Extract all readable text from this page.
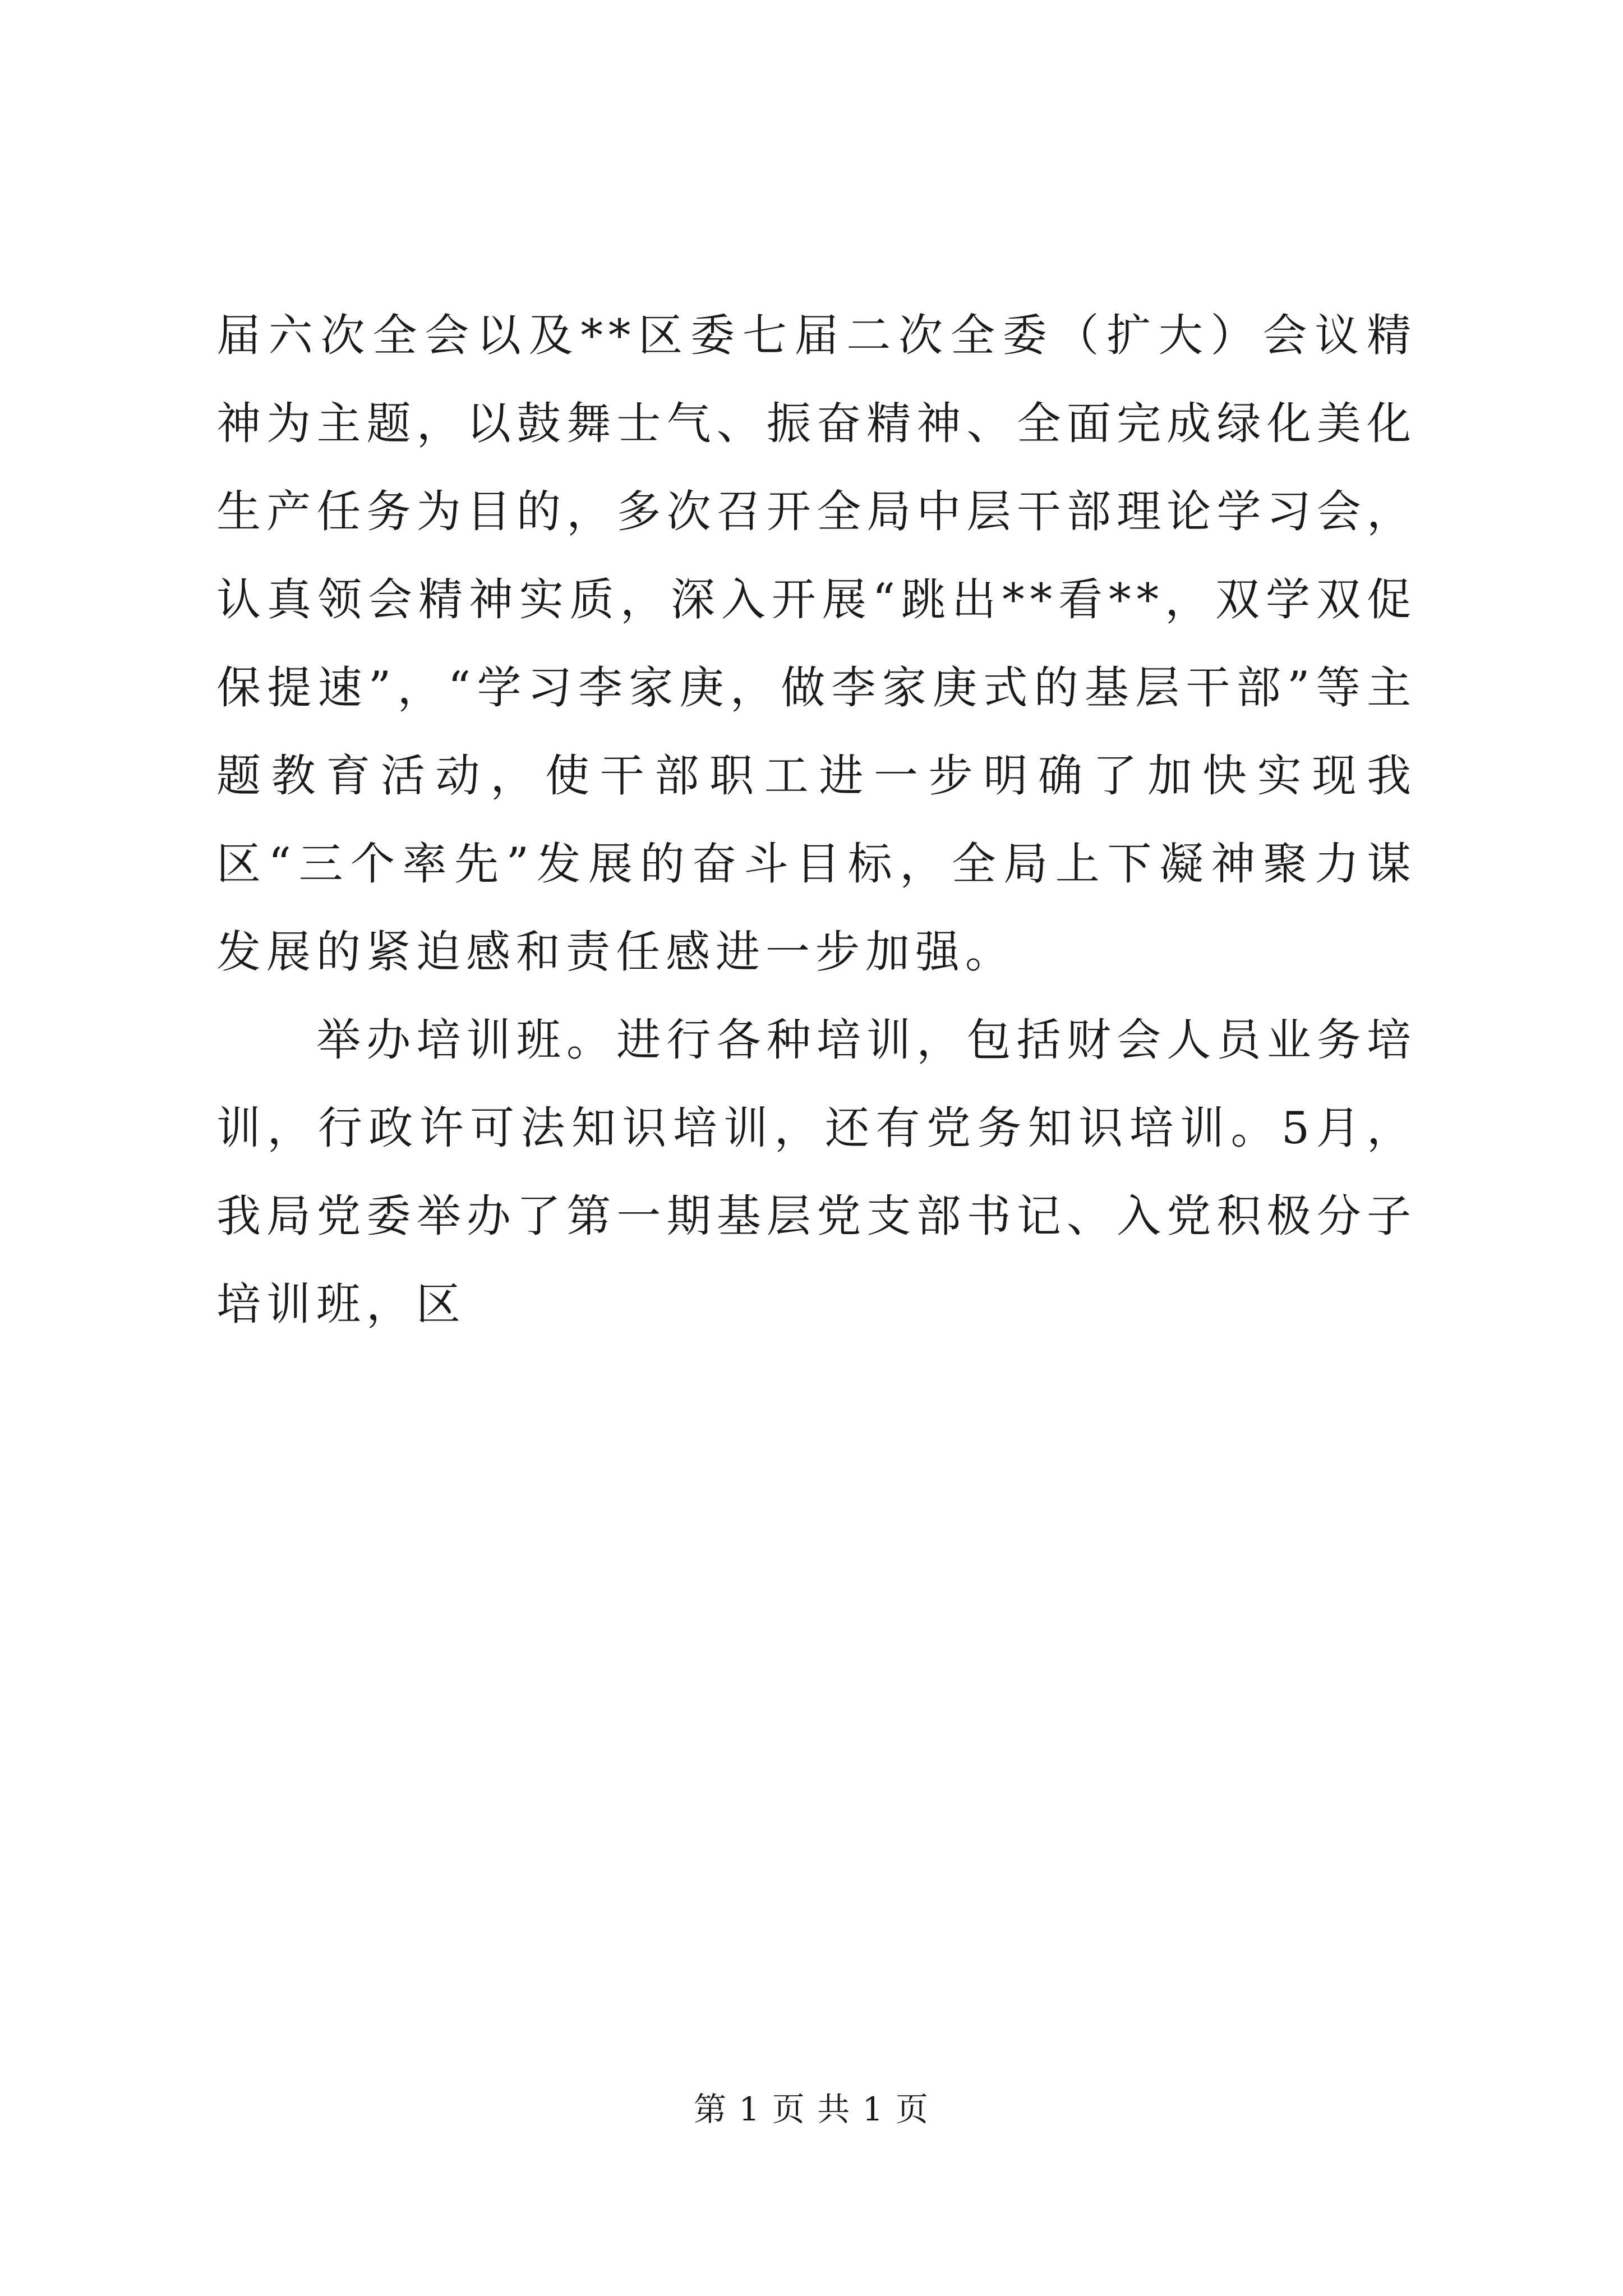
届六次全会以及**区委七届二次全委（扩大）会议精神为主题，以鼓舞士气、振奋精神、全面完成绿化美化生产任务为目的，多次召开全局中层干部理论学习会，认真领会精神实质，深入开展“跳出**看**，双学双促保提速”，“学习李家庚，做李家庚式的基层干部”等主题教育活动，使干部职工进一步明确了加快实现我区“三个率先”发展的奋斗目标，全局上下凝神聚力谋发展的紧迫感和责任感进一步加强。

举办培训班。进行各种培训，包括财会人员业务培训，行政许可法知识培训，还有党务知识培训。5月，我局党委举办了第一期基层党支部书记、入党积极分子培训班，区

第 1 页 共 1 页
